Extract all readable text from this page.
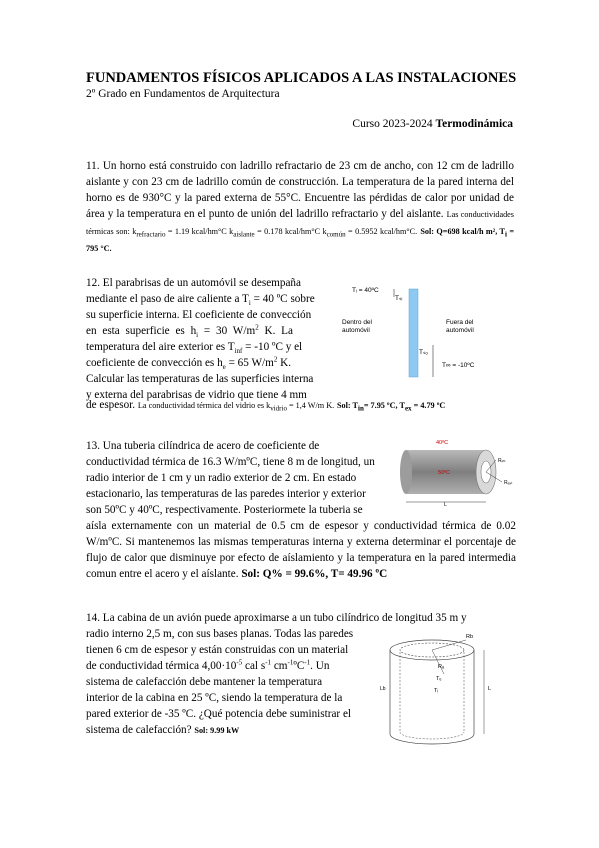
FUNDAMENTOS FÍSICOS APLICADOS A LAS INSTALACIONES
2º Grado en Fundamentos de Arquitectura
Curso 2023-2024 Termodinámica
11. Un horno está construido con ladrillo refractario de 23 cm de ancho, con 12 cm de ladrillo aislante y con 23 cm de ladrillo común de construcción. La temperatura de la pared interna del horno es de 930°C y la pared externa de 55°C. Encuentre las pérdidas de calor por unidad de área y la temperatura en el punto de unión del ladrillo refractario y del aislante. Las conductividades térmicas son: $k_{refractario} = 1.19$ kcal/hm°C $k_{aislante} = 0.178$ kcal/hm°C $k_{común} = 0.5952$ kcal/hm°C. Sol: Q=698 kcal/h m², $T_i = 795$ °C.
12. El parabrisas de un automóvil se desempaña
mediante el paso de aire caliente a $T_i = 40$ ºC sobre
su superficie interna. El coeficiente de convección
en esta superficie es $h_i = 30$ $W/m^2$ K. La
temperatura del aire exterior es $T_{inf} = -10$ ºC y el
coeficiente de convección es $h_e = 65$ $W/m^2$ K.
Calcular las temperaturas de las superficies interna
y externa del parabrisas de vidrio que tiene 4 mm
de espesor. La conductividad térmica del vidrio es $k_{vidrio} = 1,4$ W/m K. Sol: $T_{in}= 7.95$ ºC, $T_{ex} = 4.79$ ºC
Tᵢ = 40ºC
Tₛᵢ
Dentro del automóvil
Fuera del automóvil
Tₛₒ
T∞ = -10ºC
13. Una tuberia cilíndrica de acero de coeficiente de
conductividad térmica de 16.3 W/mºC, tiene 8 m de longitud, un
radio interior de 1 cm y un radio exterior de 2 cm. En estado
estacionario, las temperaturas de las paredes interior y exterior
son 50ºC y 40ºC, respectivamente. Posteriormete la tuberia se
aísla externamente con un material de 0.5 cm de espesor y conductividad térmica de 0.02 W/mºC. Si mantenemos las mismas temperaturas interna y externa determinar el porcentaje de flujo de calor que disminuye por efecto de aíslamiento y la temperatura en la pared intermedia comun entre el acero y el aíslante. Sol: Q% = 99.6%, T= 49.96 ºC
40ºC
50ºC
Rᵢₙₜ
Rₑₓₜ
L
14. La cabina de un avión puede aproximarse a un tubo cilíndrico de longitud 35 m y
radio interno 2,5 m, con sus bases planas. Todas las paredes
tienen 6 cm de espesor y están construidas con un material
de conductividad térmica $4,00\cdot 10^{-5}$ cal $s^{-1}$ $cm^{-1}ºC^{-1}$. Un
sistema de calefacción debe mantener la temperatura
interior de la cabina en 25 ºC, siendo la temperatura de la
pared exterior de -35 ºC. ¿Qué potencia debe suministrar el
sistema de calefacción? Sol: 9.99 kW
Tₑ
Tᵢ
Rₐ
Rb
L
Lb
